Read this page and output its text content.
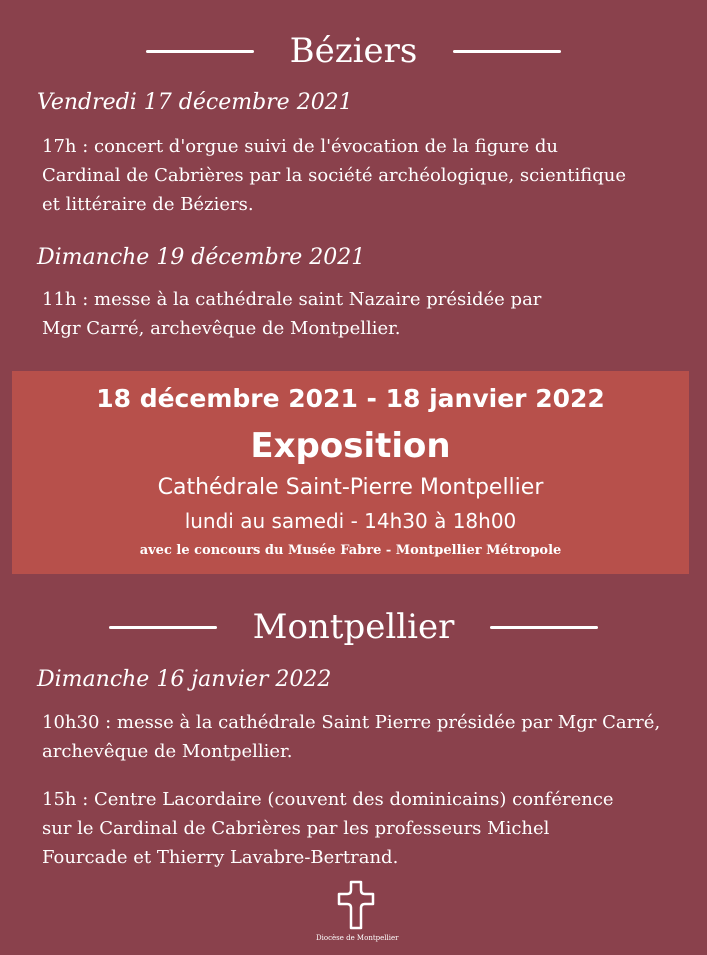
Béziers
Vendredi 17 décembre 2021
17h : concert d'orgue suivi de l'évocation de la figure du
Cardinal de Cabrières par la société archéologique, scientifique
et littéraire de Béziers.
Dimanche 19 décembre 2021
11h : messe à la cathédrale saint Nazaire présidée par
Mgr Carré, archevêque de Montpellier.
18 décembre 2021 - 18 janvier 2022
Exposition
Cathédrale Saint-Pierre Montpellier
lundi au samedi - 14h30 à 18h00
avec le concours du Musée Fabre - Montpellier Métropole
Montpellier
Dimanche 16 janvier 2022
10h30 : messe à la cathédrale Saint Pierre présidée par Mgr Carré,
archevêque de Montpellier.
15h : Centre Lacordaire (couvent des dominicains) conférence
sur le Cardinal de Cabrières par les professeurs Michel
Fourcade et Thierry Lavabre-Bertrand.
Diocèse de Montpellier
